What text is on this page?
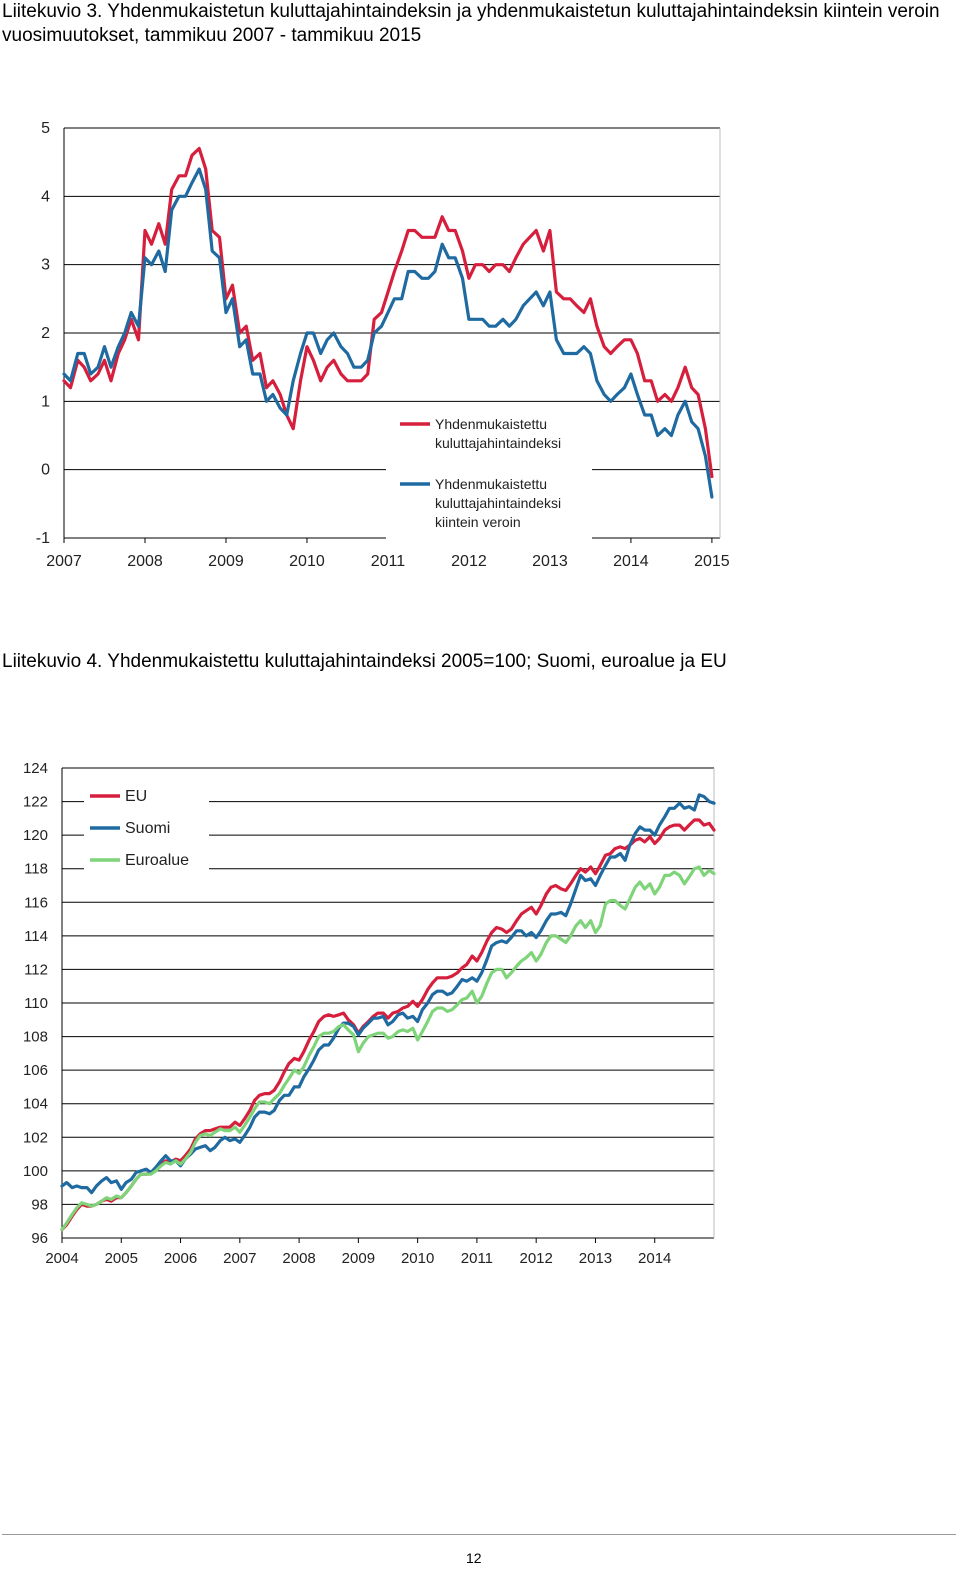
Liitekuvio 3. Yhdenmukaistetun kuluttajahintaindeksin ja yhdenmukaistetun kuluttajahintaindeksin kiintein veroin vuosimuutokset, tammikuu 2007 - tammikuu 2015
-1
0
1
2
3
4
5
2007	2008	2009	2010	2011	2012	2013	2014	2015
Yhdenmukaistettu
kuluttajahintaindeksi
Yhdenmukaistettu
kuluttajahintaindeksi
kiintein veroin
Liitekuvio 4. Yhdenmukaistettu kuluttajahintaindeksi 2005=100; Suomi, euroalue ja EU
96
98
100
102
104
106
108
110
112
114
116
118
120
122
124
2004 2005 2006 2007 2008 2009 2010 2011 2012 2013 2014
EU
Suomi
Euroalue
12
